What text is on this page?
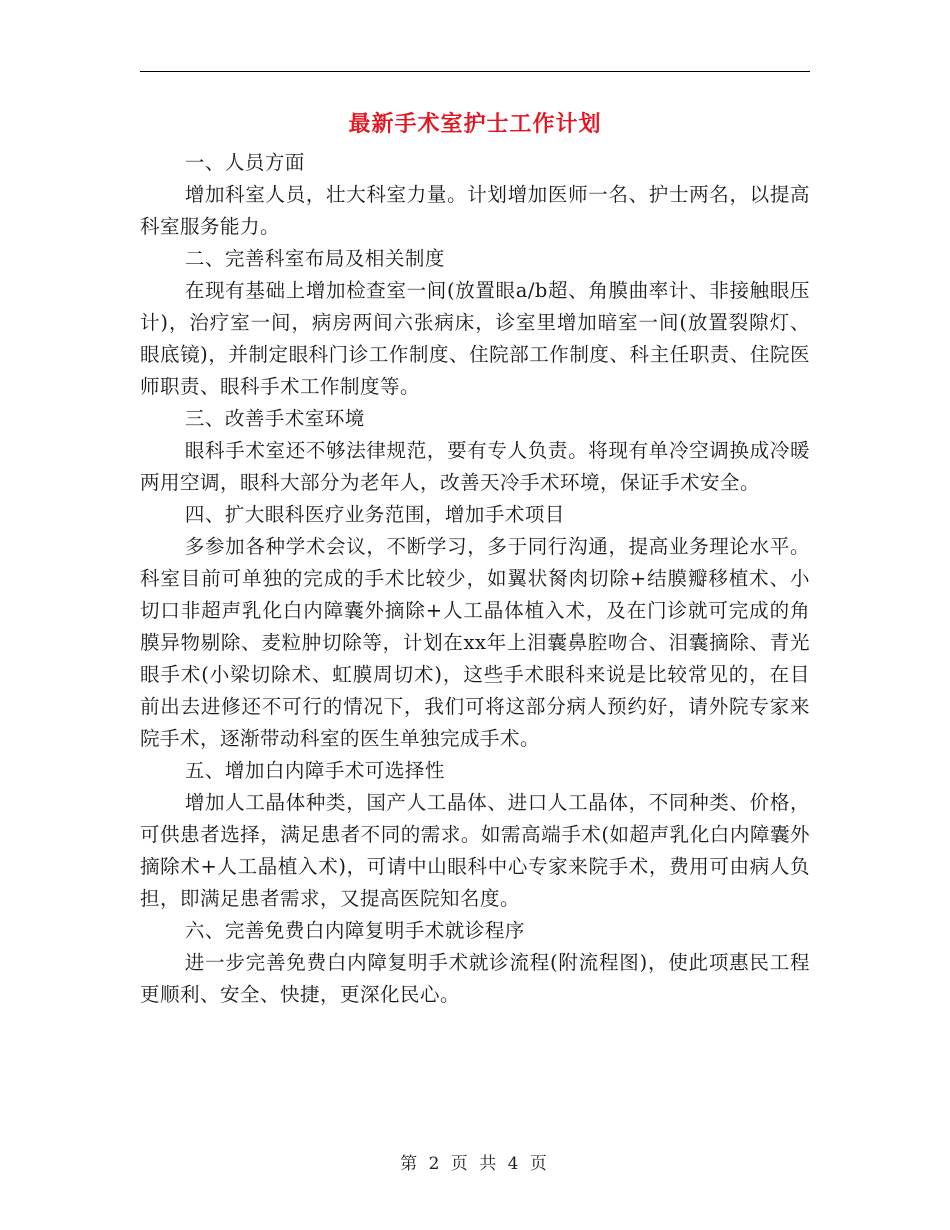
最新手术室护士工作计划

一、人员方面

增加科室人员，壮大科室力量。计划增加医师一名、护士两名，以提高科室服务能力。

二、完善科室布局及相关制度

在现有基础上增加检查室一间(放置眼a/b超、角膜曲率计、非接触眼压计)，治疗室一间，病房两间六张病床，诊室里增加暗室一间(放置裂隙灯、眼底镜)，并制定眼科门诊工作制度、住院部工作制度、科主任职责、住院医师职责、眼科手术工作制度等。

三、改善手术室环境

眼科手术室还不够法律规范，要有专人负责。将现有单冷空调换成冷暖两用空调，眼科大部分为老年人，改善天冷手术环境，保证手术安全。

四、扩大眼科医疗业务范围，增加手术项目

多参加各种学术会议，不断学习，多于同行沟通，提高业务理论水平。科室目前可单独的完成的手术比较少，如翼状胬肉切除+结膜瓣移植术、小切口非超声乳化白内障囊外摘除+人工晶体植入术，及在门诊就可完成的角膜异物剔除、麦粒肿切除等，计划在xx年上泪囊鼻腔吻合、泪囊摘除、青光眼手术(小梁切除术、虹膜周切术)，这些手术眼科来说是比较常见的，在目前出去进修还不可行的情况下，我们可将这部分病人预约好，请外院专家来院手术，逐渐带动科室的医生单独完成手术。

五、增加白内障手术可选择性

增加人工晶体种类，国产人工晶体、进口人工晶体，不同种类、价格，可供患者选择，满足患者不同的需求。如需高端手术(如超声乳化白内障囊外摘除术+人工晶植入术)，可请中山眼科中心专家来院手术，费用可由病人负担，即满足患者需求，又提高医院知名度。

六、完善免费白内障复明手术就诊程序

进一步完善免费白内障复明手术就诊流程(附流程图)，使此项惠民工程更顺利、安全、快捷，更深化民心。

第 2 页 共 4 页
